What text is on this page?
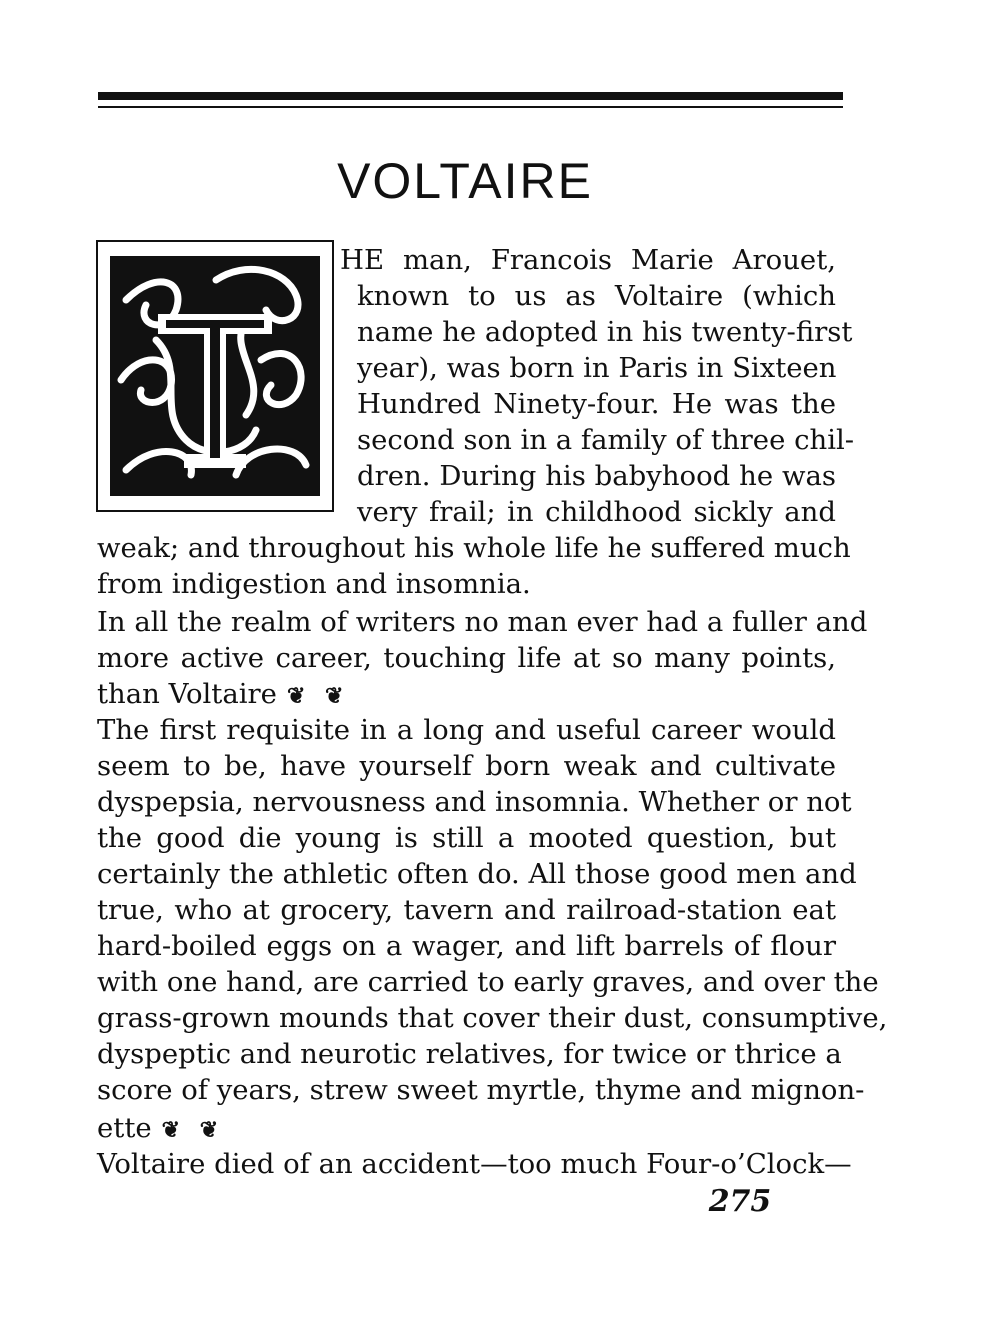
VOLTAIRE
T
HE man, Francois Marie Arouet,
known to us as Voltaire (which
name he adopted in his twenty-first
year), was born in Paris in Sixteen
Hundred Ninety-four. He was the
second son in a family of three chil-
dren. During his babyhood he was
very frail; in childhood sickly and
weak; and throughout his whole life he suffered much
from indigestion and insomnia.
In all the realm of writers no man ever had a fuller and
more active career, touching life at so many points,
than Voltaire ❦ ❦
The first requisite in a long and useful career would
seem to be, have yourself born weak and cultivate
dyspepsia, nervousness and insomnia. Whether or not
the good die young is still a mooted question, but
certainly the athletic often do. All those good men and
true, who at grocery, tavern and railroad-station eat
hard-boiled eggs on a wager, and lift barrels of flour
with one hand, are carried to early graves, and over the
grass-grown mounds that cover their dust, consumptive,
dyspeptic and neurotic relatives, for twice or thrice a
score of years, strew sweet myrtle, thyme and mignon-
ette ❦ ❦
Voltaire died of an accident—too much Four-o’Clock—
275
